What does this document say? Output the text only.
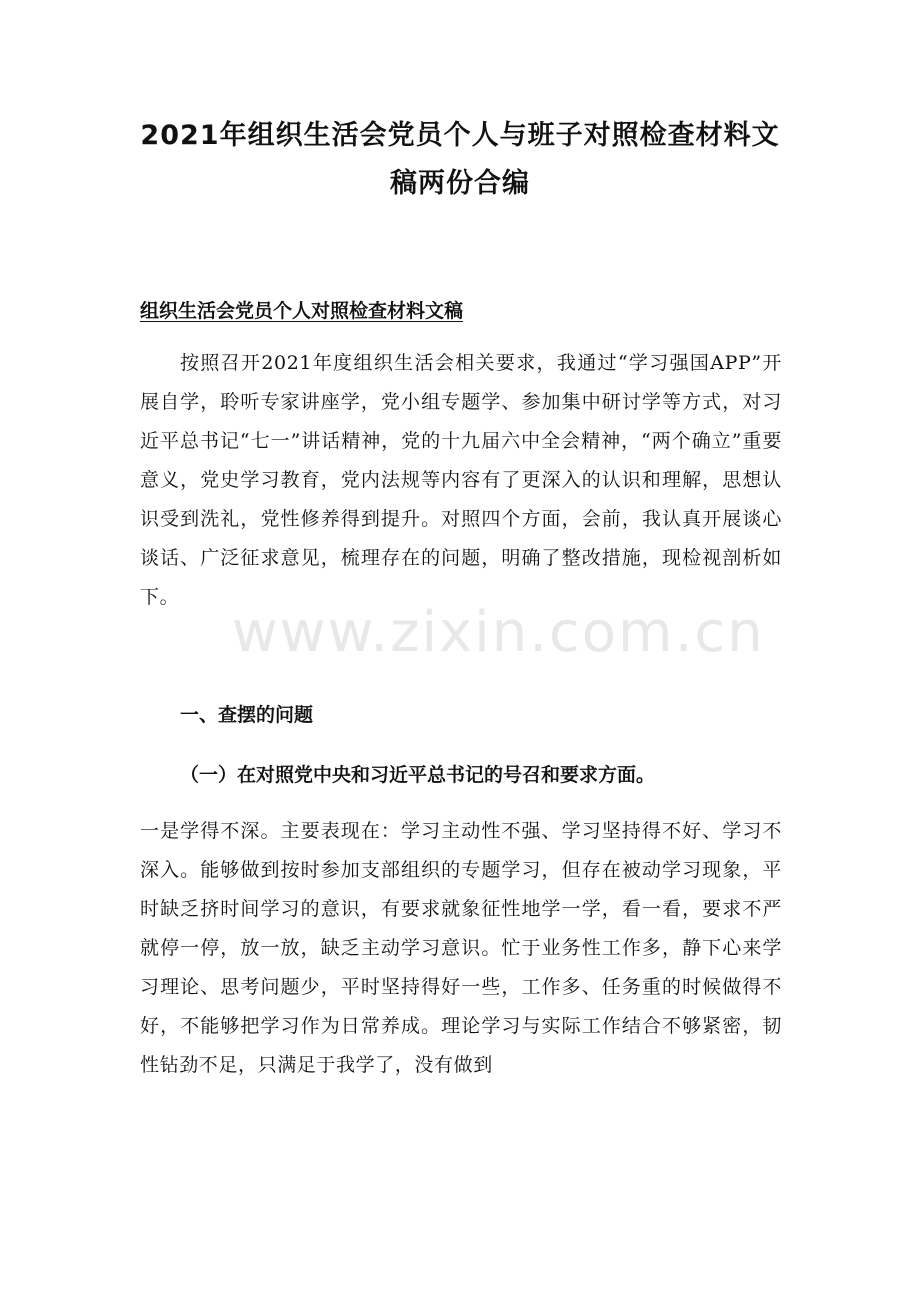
2021年组织生活会党员个人与班子对照检查材料文稿两份合编
组织生活会党员个人对照检查材料文稿

按照召开2021年度组织生活会相关要求，我通过“学习强国APP”开展自学，聆听专家讲座学，党小组专题学、参加集中研讨学等方式，对习近平总书记“七一”讲话精神，党的十九届六中全会精神，“两个确立”重要意义，党史学习教育，党内法规等内容有了更深入的认识和理解，思想认识受到洗礼，党性修养得到提升。对照四个方面，会前，我认真开展谈心谈话、广泛征求意见，梳理存在的问题，明确了整改措施，现检视剖析如下。

www.zixin.com.cn
一、查摆的问题
（一）在对照党中央和习近平总书记的号召和要求方面。

一是学得不深。主要表现在：学习主动性不强、学习坚持得不好、学习不深入。能够做到按时参加支部组织的专题学习，但存在被动学习现象，平时缺乏挤时间学习的意识，有要求就象征性地学一学，看一看，要求不严就停一停，放一放，缺乏主动学习意识。忙于业务性工作多，静下心来学习理论、思考问题少，平时坚持得好一些，工作多、任务重的时候做得不好，不能够把学习作为日常养成。理论学习与实际工作结合不够紧密，韧性钻劲不足，只满足于我学了，没有做到
